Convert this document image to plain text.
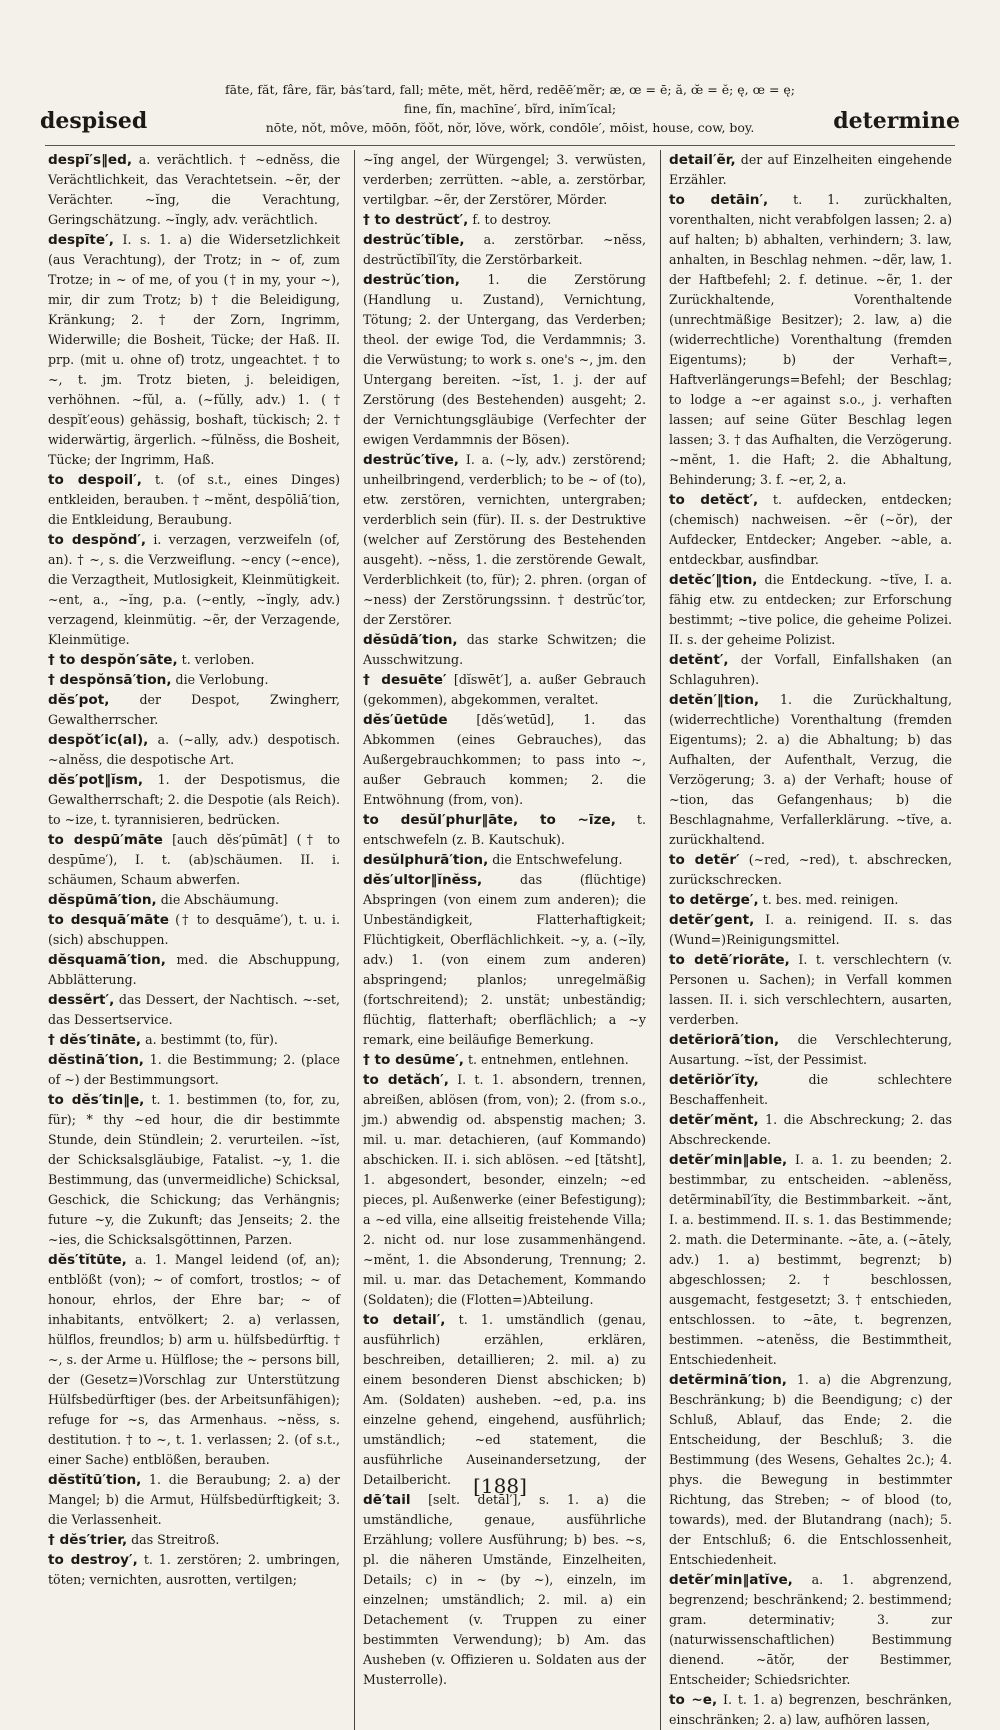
despised
fāte, făt, fâre, fär, bȧs′tard, fall; mēte, mĕt, hẽrd, redēē′mẽr; æ, œ = ē; ă, œ̆ = ĕ; ę, œ = ę;
fine, fĭn, machīne′, bĩrd, inĭm′ĭcal;
nōte, nŏt, môve, mōōn, fŏŏt, nŏr, lŏve, wŏrk, condōle′, mōist, house, cow, boy.	determine

despī′s‖ed, a. verächtlich. † ~ednĕss, die Verächtlichkeit, das Verachtetsein. ~ẽr, der Verächter. ~ĭng, die Verachtung, Geringschätzung. ~ĭngly, adv. verächtlich.

despīte′, I. s. 1. a) die Widersetzlichkeit (aus Verachtung), der Trotz; in ~ of, zum Trotze; in ~ of me, of you († in my, your ~), mir, dir zum Trotz; b) † die Beleidigung, Kränkung; 2. † der Zorn, Ingrimm, Widerwille; die Bosheit, Tücke; der Haß. II. prp. (mit u. ohne of) trotz, ungeachtet. † to ~, t. jm. Trotz bieten, j. beleidigen, verhöhnen. ~fŭl, a. (~fŭlly, adv.) 1. († despĭt′eous) gehässig, boshaft, tückisch; 2. † widerwärtig, ärgerlich. ~fŭlnĕss, die Bosheit, Tücke; der Ingrimm, Haß.

to despoil′, t. (of s.t., eines Dinges) entkleiden, berauben. † ~mĕnt, despōliā′tion, die Entkleidung, Beraubung.

to despŏnd′, i. verzagen, verzweifeln (of, an). † ~, s. die Verzweiflung. ~ency (~ence), die Verzagtheit, Mutlosigkeit, Kleinmütigkeit. ~ent, a., ~ĭng, p.a. (~ently, ~ĭngly, adv.) verzagend, kleinmütig. ~ẽr, der Verzagende, Kleinmütige.

† to despŏn′sāte, t. verloben.

† despŏnsā′tion, die Verlobung.

dĕs′pot, der Despot, Zwingherr, Gewaltherrscher.

despŏt′ic(al), a. (~ally, adv.) despotisch. ~alnĕss, die despotische Art.

dĕs′pot‖ĭsm, 1. der Despotismus, die Gewaltherrschaft; 2. die Despotie (als Reich). to ~ize, t. tyrannisieren, bedrücken.

to despū′māte [auch dĕs′pūmāt] († to despūme′), I. t. (ab)schäumen. II. i. schäumen, Schaum abwerfen.

dĕspūmā′tion, die Abschäumung.

to desquā′māte († to desquāme′), t. u. i. (sich) abschuppen.

dĕsquamā′tion, med. die Abschuppung, Abblätterung.

dessẽrt′, das Dessert, der Nachtisch. ~-set, das Dessertservice.

† dĕs′tināte, a. bestimmt (to, für).

dĕstinā′tion, 1. die Bestimmung; 2. (place of ~) der Bestimmungsort.

to dĕs′tin‖e, t. 1. bestimmen (to, for, zu, für); * thy ~ed hour, die dir bestimmte Stunde, dein Stündlein; 2. verurteilen. ~ĭst, der Schicksalsgläubige, Fatalist. ~y, 1. die Bestimmung, das (unvermeidliche) Schicksal, Geschick, die Schickung; das Verhängnis; future ~y, die Zukunft; das Jenseits; 2. the ~ies, die Schicksalsgöttinnen, Parzen.

dĕs′tĭtūte, a. 1. Mangel leidend (of, an); entblößt (von); ~ of comfort, trostlos; ~ of honour, ehrlos, der Ehre bar; ~ of inhabitants, entvölkert; 2. a) verlassen, hülflos, freundlos; b) arm u. hülfsbedürftig. † ~, s. der Arme u. Hülflose; the ~ persons bill, der (Gesetz=)Vorschlag zur Unterstützung Hülfsbedürftiger (bes. der Arbeitsunfähigen); refuge for ~s, das Armenhaus. ~nĕss, s. destitution. † to ~, t. 1. verlassen; 2. (of s.t., einer Sache) entblößen, berauben.

dĕstĭtū′tion, 1. die Beraubung; 2. a) der Mangel; b) die Armut, Hülfsbedürftigkeit; 3. die Verlassenheit.

† dĕs′trier, das Streitroß.

to destroy′, t. 1. zerstören; 2. umbringen, töten; vernichten, ausrotten, vertilgen;

~ĭng angel, der Würgengel; 3. verwüsten, verderben; zerrütten. ~able, a. zerstörbar, vertilgbar. ~ẽr, der Zerstörer, Mörder.

† to destrŭct′, f. to destroy.

destrŭc′tĭble, a. zerstörbar. ~nĕss, destrŭctĭbĭl′ĭty, die Zerstörbarkeit.

destrŭc′tion, 1. die Zerstörung (Handlung u. Zustand), Vernichtung, Tötung; 2. der Untergang, das Verderben; theol. der ewige Tod, die Verdammnis; 3. die Verwüstung; to work s. one's ~, jm. den Untergang bereiten. ~ĭst, 1. j. der auf Zerstörung (des Bestehenden) ausgeht; 2. der Vernichtungsgläubige (Verfechter der ewigen Verdammnis der Bösen).

destrŭc′tĭve, I. a. (~ly, adv.) zerstörend; unheilbringend, verderblich; to be ~ of (to), etw. zerstören, vernichten, untergraben; verderblich sein (für). II. s. der Destruktive (welcher auf Zerstörung des Bestehenden ausgeht). ~nĕss, 1. die zerstörende Gewalt, Verderblichkeit (to, für); 2. phren. (organ of ~ness) der Zerstörungssinn. † destrŭc′tor, der Zerstörer.

dĕsūdā′tion, das starke Schwitzen; die Ausschwitzung.

† desuēte′ [dĭswēt′], a. außer Gebrauch (gekommen), abgekommen, veraltet.

dĕs′ūetūde [dĕs′wetūd], 1. das Abkommen (eines Gebrauches), das Außergebrauchkommen; to pass into ~, außer Gebrauch kommen; 2. die Entwöhnung (from, von).

to desŭl′phur‖āte, to ~īze, t. entschwefeln (z. B. Kautschuk).

desŭlphurā′tion, die Entschwefelung.

dĕs′ultor‖ĭnĕss,	das (flüchtige) Abspringen (von einem zum anderen); die Unbeständigkeit, Flatterhaftigkeit; Flüchtigkeit, Oberflächlichkeit. ~y, a. (~ĭly, adv.) 1. (von einem zum anderen) abspringend; planlos; unregelmäßig (fortschreitend); 2. unstät; unbeständig; flüchtig, flatterhaft; oberflächlich; a ~y remark, eine beiläufige Bemerkung.

† to desūme′, t. entnehmen, entlehnen.

to detăch′, I. t. 1. absondern, trennen, abreißen, ablösen (from, von); 2. (from s.o., jm.) abwendig od. abspenstig machen; 3. mil. u. mar. detachieren, (auf Kommando) abschicken. II. i. sich ablösen. ~ed [tătsht], 1. abgesondert, besonder, einzeln; ~ed pieces, pl. Außenwerke (einer Befestigung); a ~ed villa, eine allseitig freistehende Villa; 2. nicht od. nur lose zusammenhängend. ~mĕnt, 1. die Absonderung, Trennung; 2. mil. u. mar. das Detachement, Kommando (Soldaten); die (Flotten=)Abteilung.

to detail′, t. 1. umständlich (genau, ausführlich) erzählen, erklären, beschreiben, detaillieren; 2. mil. a) zu einem besonderen Dienst abschicken; b) Am. (Soldaten) ausheben. ~ed, p.a. ins einzelne gehend, eingehend, ausführlich; umständlich; ~ed statement, die ausführliche Auseinandersetzung, der Detailbericht.

dē′tail [selt. detāl′], s. 1. a) die umständliche, genaue, ausführliche Erzählung; vollere Ausführung; b) bes. ~s, pl. die näheren Umstände, Einzelheiten, Details; c) in ~ (by ~), einzeln, im einzelnen; umständlich; 2. mil. a) ein Detachement (v. Truppen zu einer bestimmten Verwendung); b) Am. das Ausheben (v. Offizieren u. Soldaten aus der Musterrolle).

detail′ẽr, der auf Einzelheiten eingehende Erzähler.

to detāin′, t. 1. zurückhalten, vorenthalten, nicht verabfolgen lassen; 2. a) auf halten; b) abhalten, verhindern; 3. law, anhalten, in Beschlag nehmen. ~dẽr, law, 1. der Haftbefehl; 2. f. detinue. ~ẽr, 1. der Zurückhaltende, Vorenthaltende (unrechtmäßige Besitzer); 2. law, a) die (widerrechtliche) Vorenthaltung (fremden Eigentums); b) der Verhaft=, Haftverlängerungs=Befehl; der Beschlag; to lodge a ~er against s.o., j. verhaften lassen; auf seine Güter Beschlag legen lassen; 3. † das Aufhalten, die Verzögerung. ~mĕnt, 1. die Haft; 2. die Abhaltung, Behinderung; 3. f. ~er, 2, a.

to detĕct′, t. aufdecken, entdecken; (chemisch) nachweisen. ~ẽr (~ŏr), der Aufdecker, Entdecker; Angeber. ~able, a. entdeckbar, ausfindbar.

detĕc′‖tion, die Entdeckung. ~tĭve, I. a. fähig etw. zu entdecken; zur Erforschung bestimmt; ~tive police, die geheime Polizei. II. s. der geheime Polizist.

detĕnt′, der Vorfall, Einfallshaken (an Schlaguhren).

detĕn′‖tion, 1. die Zurückhaltung, (widerrechtliche) Vorenthaltung (fremden Eigentums); 2. a) die Abhaltung; b) das Aufhalten, der Aufenthalt, Verzug, die Verzögerung; 3. a) der Verhaft; house of ~tion, das Gefangenhaus; b) die Beschlagnahme, Verfallerklärung. ~tĭve, a. zurückhaltend.

to detẽr′ (~red, ~red), t. abschrecken, zurückschrecken.

to detẽrge′, t. bes. med. reinigen.

detẽr′gent, I. a. reinigend. II. s. das (Wund=)Reinigungsmittel.

to detē′riorāte, I. t. verschlechtern (v. Personen u. Sachen); in Verfall kommen lassen. II. i. sich verschlechtern, ausarten, verderben.

detẽriorā′tion, die Verschlechterung, Ausartung. ~ĭst, der Pessimist.

detẽriŏr′ĭty,	die schlechtere Beschaffenheit.

detẽr′mĕnt, 1. die Abschreckung; 2. das Abschreckende.

detẽr′min‖able, I. a. 1. zu beenden; 2. bestimmbar, zu entscheiden. ~ablenĕss, detẽrminabĭl′ĭty, die Bestimmbarkeit. ~ănt, I. a. bestimmend. II. s. 1. das Bestimmende; 2. math. die Determinante. ~āte, a. (~ātely, adv.) 1. a) bestimmt, begrenzt; b) abgeschlossen; 2. † beschlossen, ausgemacht, festgesetzt; 3. † entschieden, entschlossen. to ~āte, t. begrenzen, bestimmen. ~atenĕss, die Bestimmtheit, Entschiedenheit.

detẽrminā′tion, 1. a) die Abgrenzung, Beschränkung; b) die Beendigung; c) der Schluß, Ablauf, das Ende; 2. die Entscheidung, der Beschluß; 3. die Bestimmung (des Wesens, Gehaltes 2c.); 4. phys. die Bewegung in bestimmter Richtung, das Streben; ~ of blood (to, towards), med. der Blutandrang (nach); 5. der Entschluß; 6. die Entschlossenheit, Entschiedenheit.

detẽr′min‖atĭve, a. 1. abgrenzend, begrenzend; beschränkend; 2. bestimmend; gram. determinativ; 3. zur (naturwissenschaftlichen) Bestimmung dienend. ~ātŏr, der Bestimmer, Entscheider; Schiedsrichter.

to ~e, I. t. 1. a) begrenzen, beschränken, einschränken; 2. a) law, aufhören lassen,

[188]
